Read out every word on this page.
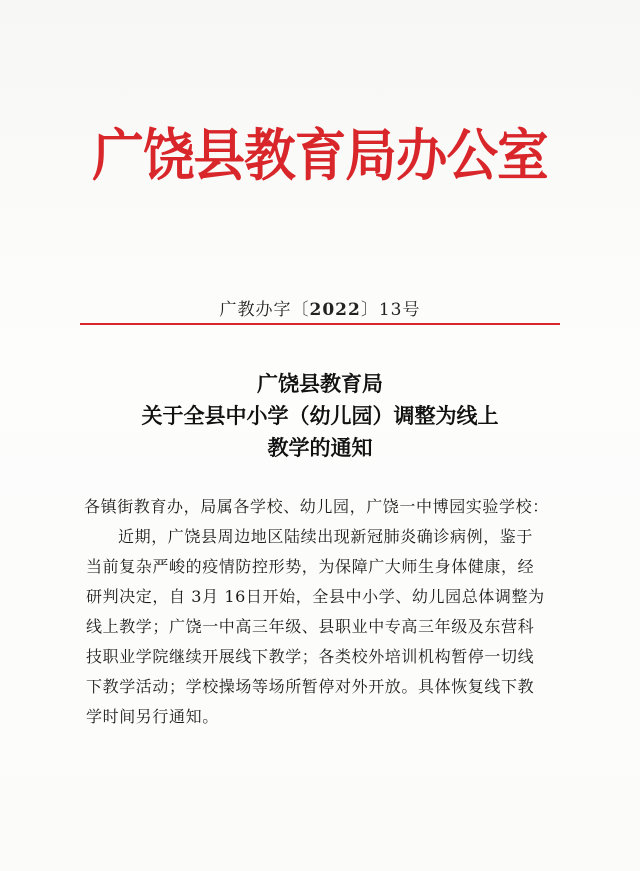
广饶县教育局办公室
广教办字〔2022〕13号
广饶县教育局
关于全县中小学（幼儿园）调整为线上
教学的通知
各镇街教育办，局属各学校、幼儿园，广饶一中博园实验学校：
近期，广饶县周边地区陆续出现新冠肺炎确诊病例，鉴于
当前复杂严峻的疫情防控形势，为保障广大师生身体健康，经
研判决定，自 3月 16日开始，全县中小学、幼儿园总体调整为
线上教学；广饶一中高三年级、县职业中专高三年级及东营科
技职业学院继续开展线下教学；各类校外培训机构暂停一切线
下教学活动；学校操场等场所暂停对外开放。具体恢复线下教
学时间另行通知。
